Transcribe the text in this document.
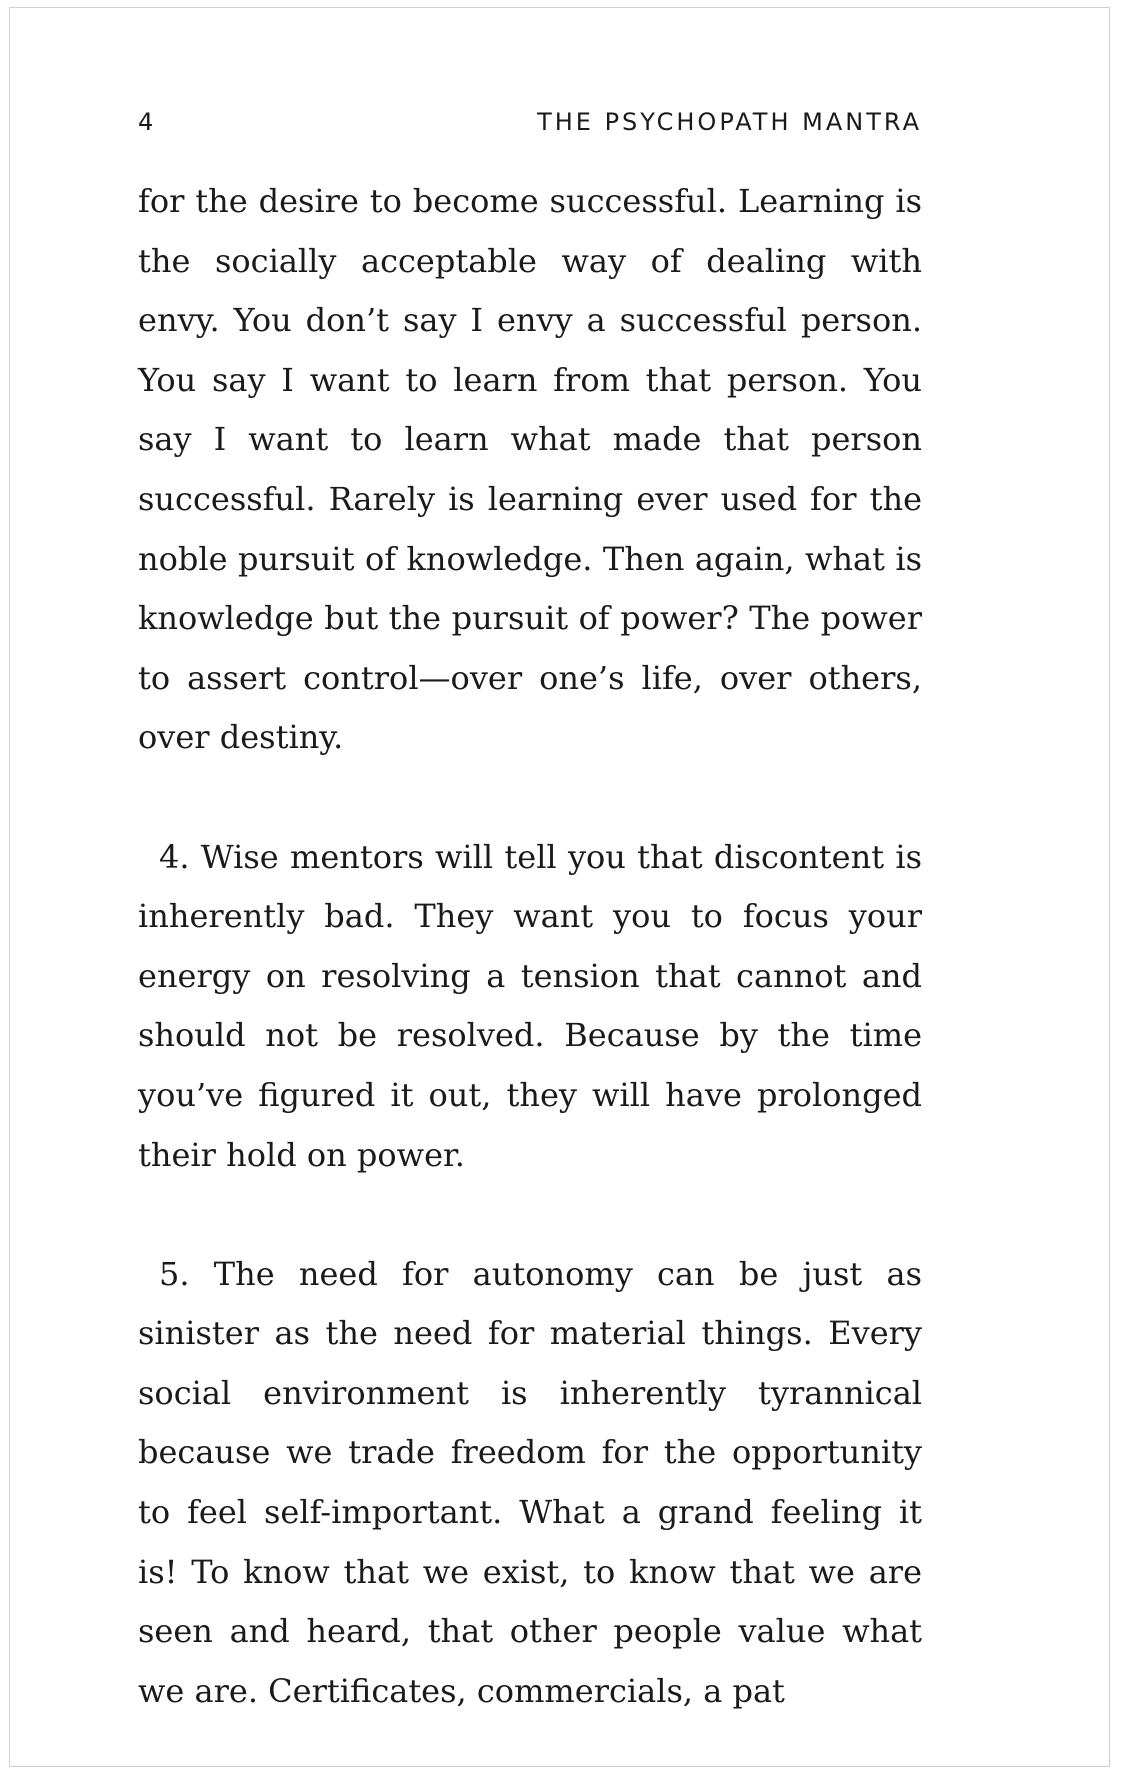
4	THE PSYCHOPATH MANTRA

for the desire to become successful. Learning is the socially acceptable way of dealing with envy. You don’t say I envy a successful person. You say I want to learn from that person. You say I want to learn what made that person successful. Rarely is learning ever used for the noble pursuit of knowledge. Then again, what is knowledge but the pursuit of power? The power to assert control—over one’s life, over others, over destiny.

4. Wise mentors will tell you that discontent is inherently bad. They want you to focus your energy on resolving a tension that cannot and should not be resolved. Because by the time you’ve figured it out, they will have prolonged their hold on power.

5. The need for autonomy can be just as sinister as the need for material things. Every social environment is inherently tyrannical because we trade freedom for the opportunity to feel self-important. What a grand feeling it is! To know that we exist, to know that we are seen and heard, that other people value what we are. Certificates, commercials, a pat
